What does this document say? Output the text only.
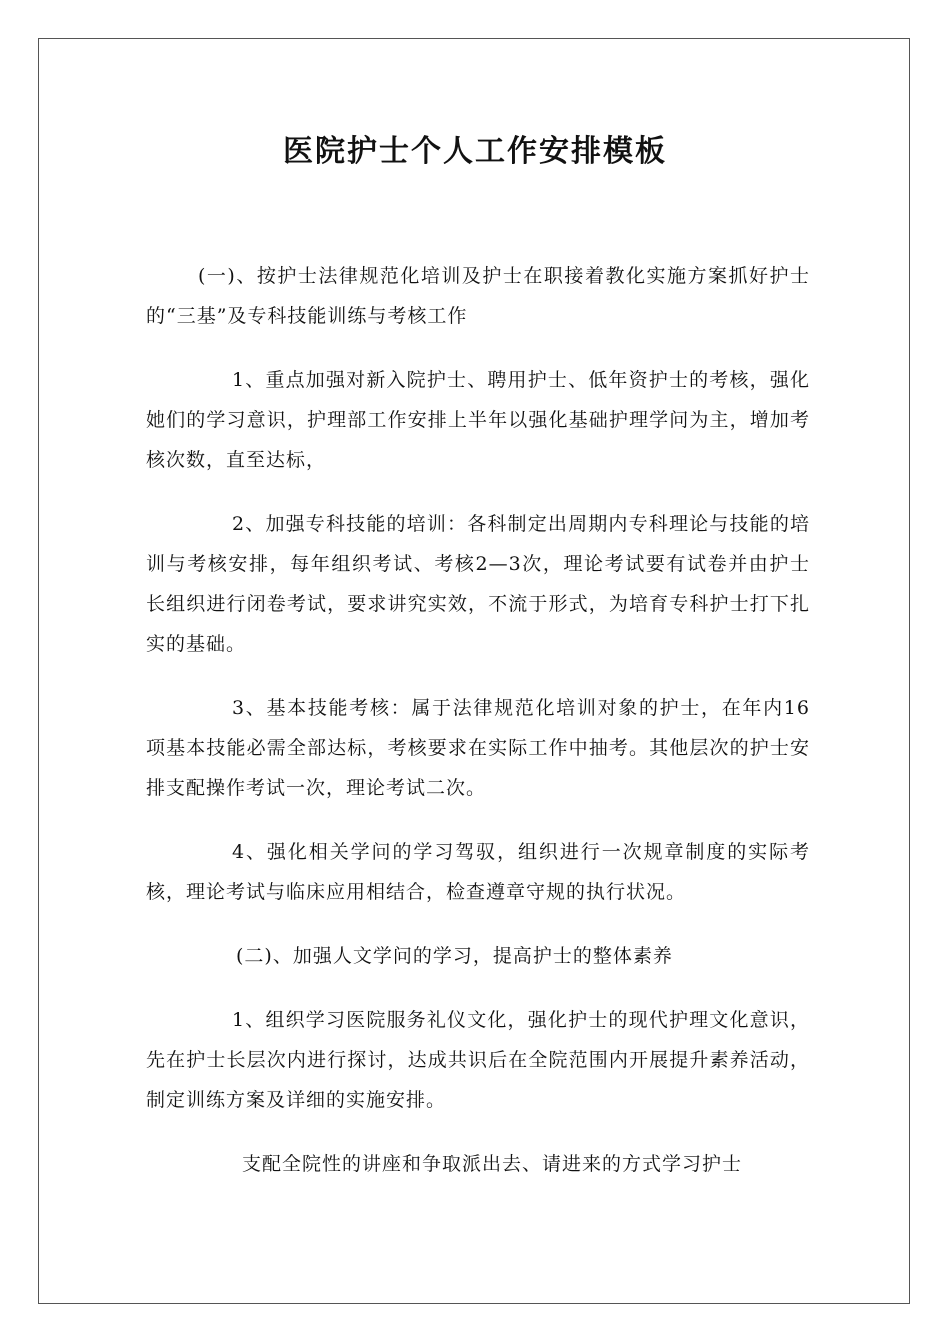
医院护士个人工作安排模板

(一)、按护士法律规范化培训及护士在职接着教化实施方案抓好护士的“三基”及专科技能训练与考核工作

1、重点加强对新入院护士、聘用护士、低年资护士的考核，强化她们的学习意识，护理部工作安排上半年以强化基础护理学问为主，增加考核次数，直至达标，

2、加强专科技能的培训：各科制定出周期内专科理论与技能的培训与考核安排，每年组织考试、考核2—3次，理论考试要有试卷并由护士长组织进行闭卷考试，要求讲究实效，不流于形式，为培育专科护士打下扎实的基础。

3、基本技能考核：属于法律规范化培训对象的护士，在年内16项基本技能必需全部达标，考核要求在实际工作中抽考。其他层次的护士安排支配操作考试一次，理论考试二次。

4、强化相关学问的学习驾驭，组织进行一次规章制度的实际考核，理论考试与临床应用相结合，检查遵章守规的执行状况。

(二)、加强人文学问的学习，提高护士的整体素养

1、组织学习医院服务礼仪文化，强化护士的现代护理文化意识，先在护士长层次内进行探讨，达成共识后在全院范围内开展提升素养活动，制定训练方案及详细的实施安排。

支配全院性的讲座和争取派出去、请进来的方式学习护士
